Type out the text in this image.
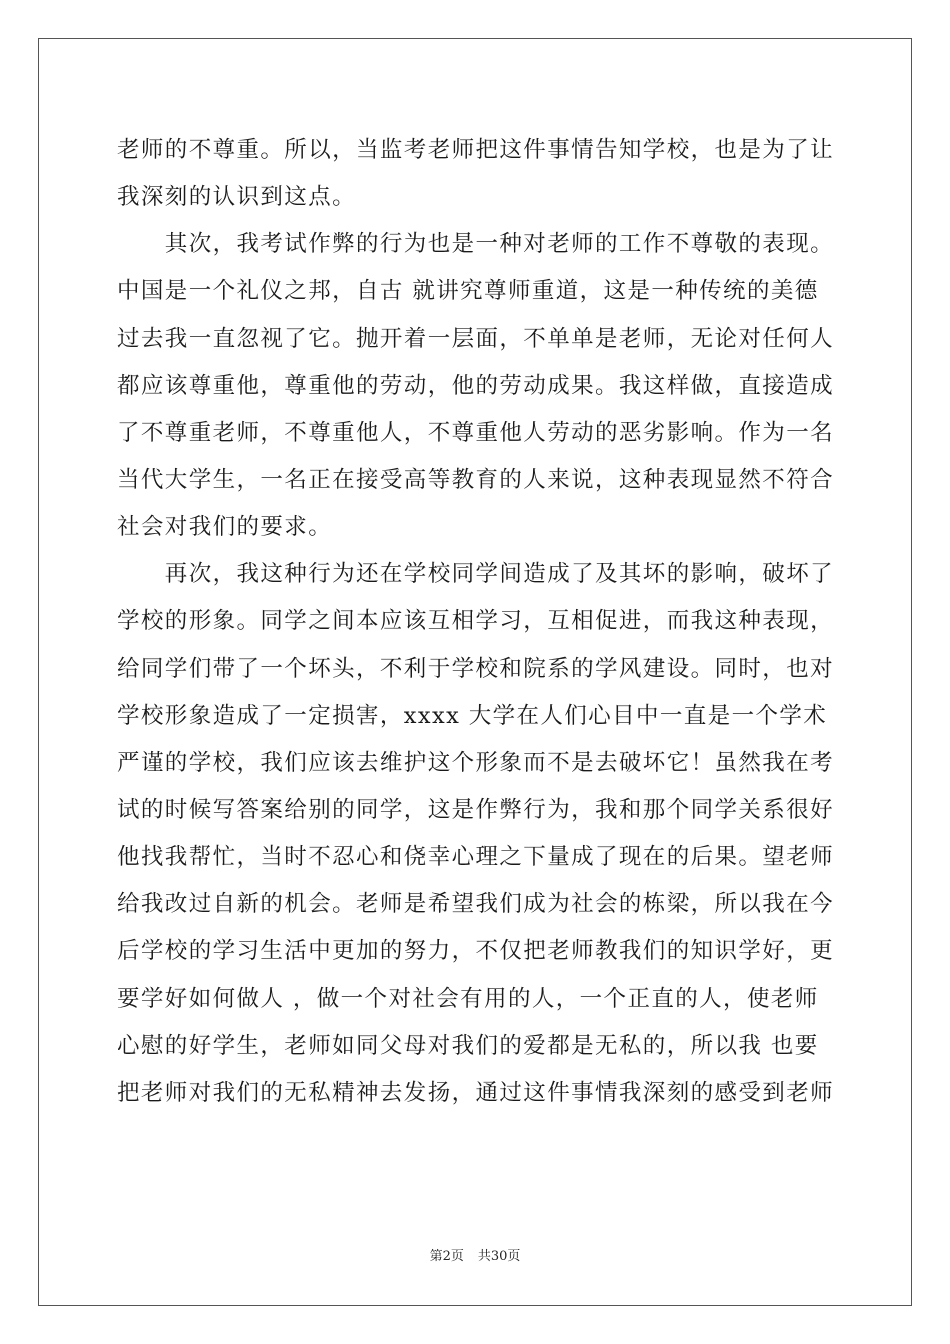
老师的不尊重。所以，当监考老师把这件事情告知学校，也是为了让
我深刻的认识到这点。
　　其次，我考试作弊的行为也是一种对老师的工作不尊敬的表现。
中国是一个礼仪之邦，自古 就讲究尊师重道，这是一种传统的美德
过去我一直忽视了它。抛开着一层面，不单单是老师，无论对任何人
都应该尊重他，尊重他的劳动，他的劳动成果。我这样做，直接造成
了不尊重老师，不尊重他人，不尊重他人劳动的恶劣影响。作为一名
当代大学生，一名正在接受高等教育的人来说，这种表现显然不符合
社会对我们的要求。
　　再次，我这种行为还在学校同学间造成了及其坏的影响，破坏了
学校的形象。同学之间本应该互相学习，互相促进，而我这种表现，
给同学们带了一个坏头，不利于学校和院系的学风建设。同时，也对
学校形象造成了一定损害，xxxx 大学在人们心目中一直是一个学术
严谨的学校，我们应该去维护这个形象而不是去破坏它！虽然我在考
试的时候写答案给别的同学，这是作弊行为，我和那个同学关系很好
他找我帮忙，当时不忍心和侥幸心理之下量成了现在的后果。望老师
给我改过自新的机会。老师是希望我们成为社会的栋梁，所以我在今
后学校的学习生活中更加的努力，不仅把老师教我们的知识学好，更
要学好如何做人 ，做一个对社会有用的人，一个正直的人，使老师
心慰的好学生，老师如同父母对我们的爱都是无私的，所以我 也要
把老师对我们的无私精神去发扬，通过这件事情我深刻的感受到老师
第2页 共30页
